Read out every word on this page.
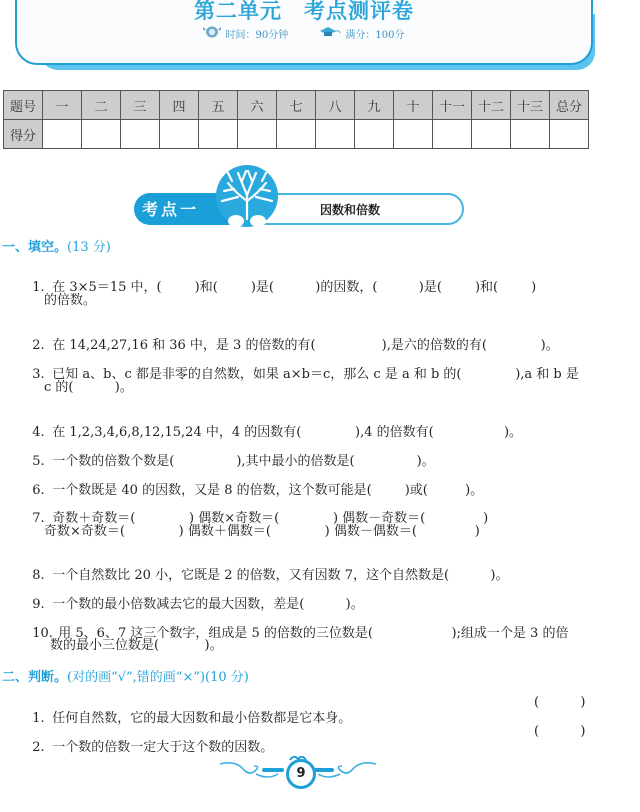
第二单元 考点测评卷
时间：90分钟
	满分：100分
题号	一	二	三	四	五	六	七	八	九	十	十一	十二	十三	总分
得分														
考点一	因数和倍数
一、填空。(13 分)

1. 在 3×5＝15 中，(        )和(        )是(          )的因数，(          )是(        )和(        )

的倍数。

2. 在 14,24,27,16 和 36 中，是 3 的倍数的有(                ),是六的倍数的有(             )。

3. 已知 a、b、c 都是非零的自然数，如果 a×b＝c，那么 c 是 a 和 b 的(             ),a 和 b 是

c 的(          )。

4. 在 1,2,3,4,6,8,12,15,24 中，4 的因数有(             ),4 的倍数有(                 )。

5. 一个数的倍数个数是(               ),其中最小的倍数是(               )。

6. 一个数既是 40 的因数，又是 8 的倍数，这个数可能是(        )或(         )。

7. 奇数＋奇数＝(             ) 偶数×奇数＝(             ) 偶数－奇数＝(              )

奇数×奇数＝(             ) 偶数＋偶数＝(             ) 偶数－偶数＝(              )

8. 一个自然数比 20 小，它既是 2 的倍数，又有因数 7，这个自然数是(          )。

9. 一个数的最小倍数减去它的最大因数，差是(          )。

10. 用 5、6、7 这三个数字，组成是 5 的倍数的三位数是(                   );组成一个是 3 的倍

数的最小三位数是(           )。
二、判断。(对的画“√”,错的画“×”)(10 分)

1. 任何自然数，它的最大因数和最小倍数都是它本身。

(          )

2. 一个数的倍数一定大于这个数的因数。

(          )
9
